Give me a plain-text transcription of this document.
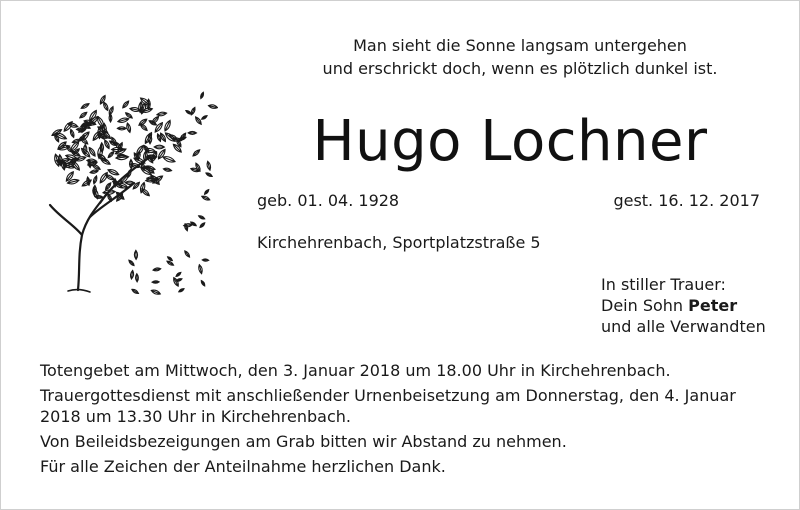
Man sieht die Sonne langsam untergehen
und erschrickt doch, wenn es plötzlich dunkel ist.
Hugo Lochner
geb. 01. 04. 1928	gest. 16. 12. 2017
Kirchehrenbach, Sportplatzstraße 5
In stiller Trauer:
Dein Sohn Peter
und alle Verwandten

Totengebet am Mittwoch, den 3. Januar 2018 um 18.00 Uhr in Kirchehrenbach.

Trauergottesdienst mit anschließender Urnenbeisetzung am Donnerstag, den 4. Januar 2018 um 13.30 Uhr in Kirchehrenbach.

Von Beileidsbezeigungen am Grab bitten wir Abstand zu nehmen.

Für alle Zeichen der Anteilnahme herzlichen Dank.
